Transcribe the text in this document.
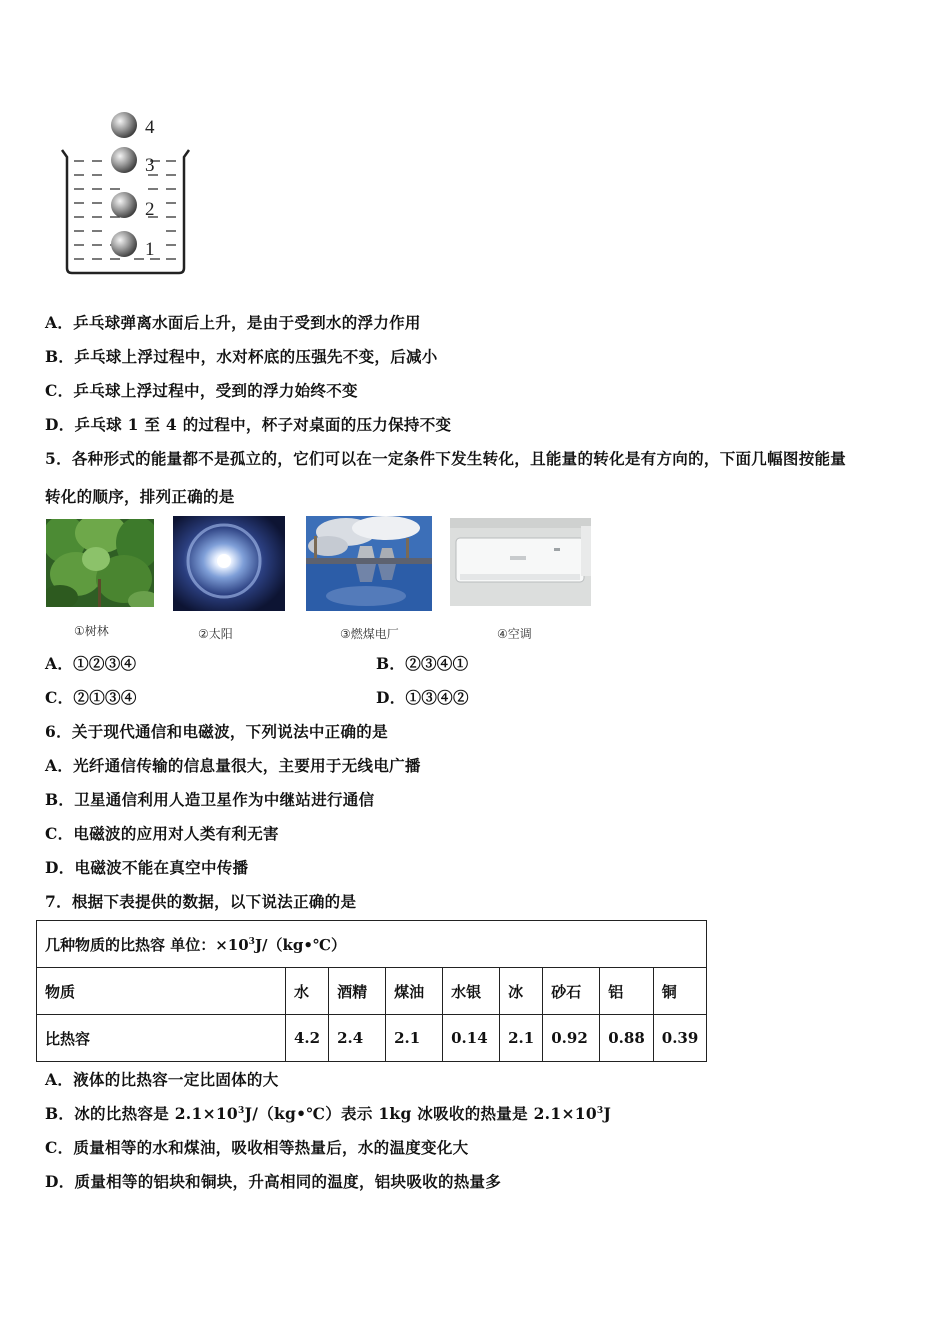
4
3
2
1
A．乒乓球弹离水面后上升，是由于受到水的浮力作用
B．乒乓球上浮过程中，水对杯底的压强先不变，后减小
C．乒乓球上浮过程中，受到的浮力始终不变
D．乒乓球 1 至 4 的过程中，杯子对桌面的压力保持不变
5．各种形式的能量都不是孤立的，它们可以在一定条件下发生转化，且能量的转化是有方向的，下面几幅图按能量
转化的顺序，排列正确的是
①树林	②太阳	③燃煤电厂	④空调
A．①②③④	B．②③④①
C．②①③④	D．①③④②
6．关于现代通信和电磁波，下列说法中正确的是
A．光纤通信传输的信息量很大，主要用于无线电广播
B．卫星通信利用人造卫星作为中继站进行通信
C．电磁波的应用对人类有利无害
D．电磁波不能在真空中传播
7．根据下表提供的数据，以下说法正确的是
几种物质的比热容 单位：$\times 10^3J/(kg•℃)$								
物质	水	酒精	煤油	水银	冰	砂石	铝	铜
比热容	4.2	2.4	2.1	0.14	2.1	0.92	0.88	0.39
A．液体的比热容一定比固体的大
B．冰的比热容是 $2.1\times 10^3J/(kg•℃)$表示 1kg 冰吸收的热量是 $2.1\times 10^3J$
C．质量相等的水和煤油，吸收相等热量后，水的温度变化大
D．质量相等的铝块和铜块，升高相同的温度，铝块吸收的热量多
